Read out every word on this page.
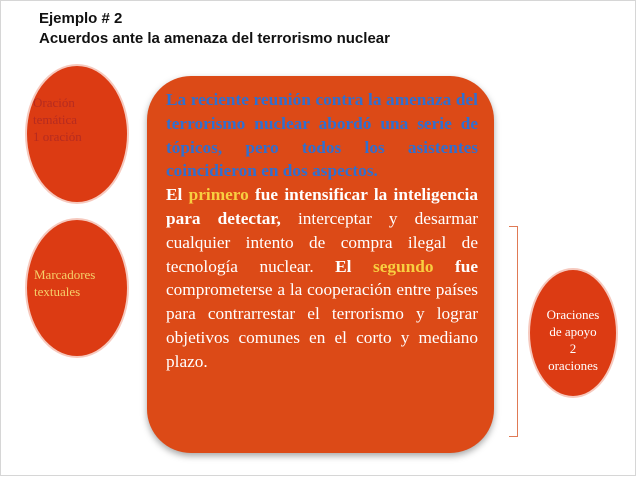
Ejemplo # 2
Acuerdos ante la amenaza del terrorismo nuclear
Oración
temática
1 oración
Marcadores
textuales
La reciente reunión contra la amenaza del terrorismo nuclear abordó una serie de tópicos, pero todos los asistentes coincidieron en dos aspectos.
El primero fue intensificar la inteligencia para detectar, interceptar y desarmar cualquier intento de compra ilegal de tecnología nuclear. El segundo fue comprometerse a la cooperación entre países para contrarrestar el terrorismo y lograr objetivos comunes en el corto y mediano plazo.
Oraciones
de apoyo
2
oraciones
